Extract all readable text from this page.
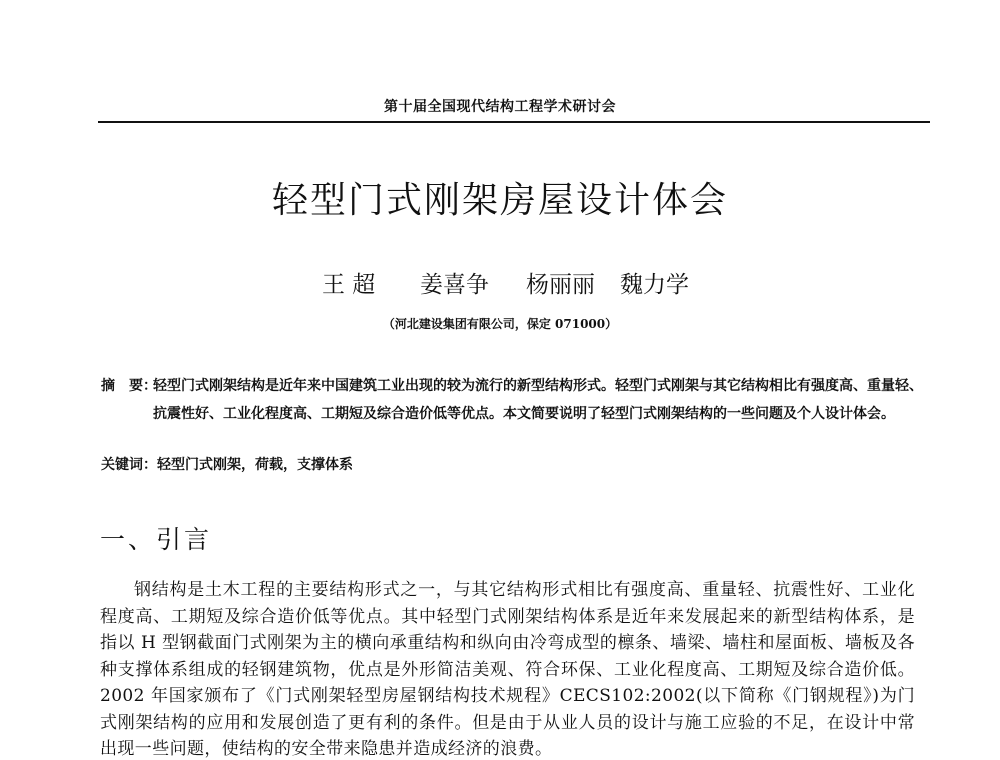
第十届全国现代结构工程学术研讨会
轻型门式刚架房屋设计体会
王 超 姜喜争 杨丽丽 魏力学
（河北建设集团有限公司，保定 071000）
摘　要：
轻型门式刚架结构是近年来中国建筑工业出现的较为流行的新型结构形式。轻型门式刚架与其它结构相比有强度高、重量轻、抗震性好、工业化程度高、工期短及综合造价低等优点。本文简要说明了轻型门式刚架结构的一些问题及个人设计体会。
关键词：轻型门式刚架，荷载，支撑体系
一、引言

钢结构是土木工程的主要结构形式之一，与其它结构形式相比有强度高、重量轻、抗震性好、工业化程度高、工期短及综合造价低等优点。其中轻型门式刚架结构体系是近年来发展起来的新型结构体系，是指以 H 型钢截面门式刚架为主的横向承重结构和纵向由冷弯成型的檩条、墙梁、墙柱和屋面板、墙板及各种支撑体系组成的轻钢建筑物，优点是外形简洁美观、符合环保、工业化程度高、工期短及综合造价低。2002 年国家颁布了《门式刚架轻型房屋钢结构技术规程》CECS102:2002(以下简称《门钢规程》)为门式刚架结构的应用和发展创造了更有利的条件。但是由于从业人员的设计与施工应验的不足，在设计中常出现一些问题，使结构的安全带来隐患并造成经济的浪费。
